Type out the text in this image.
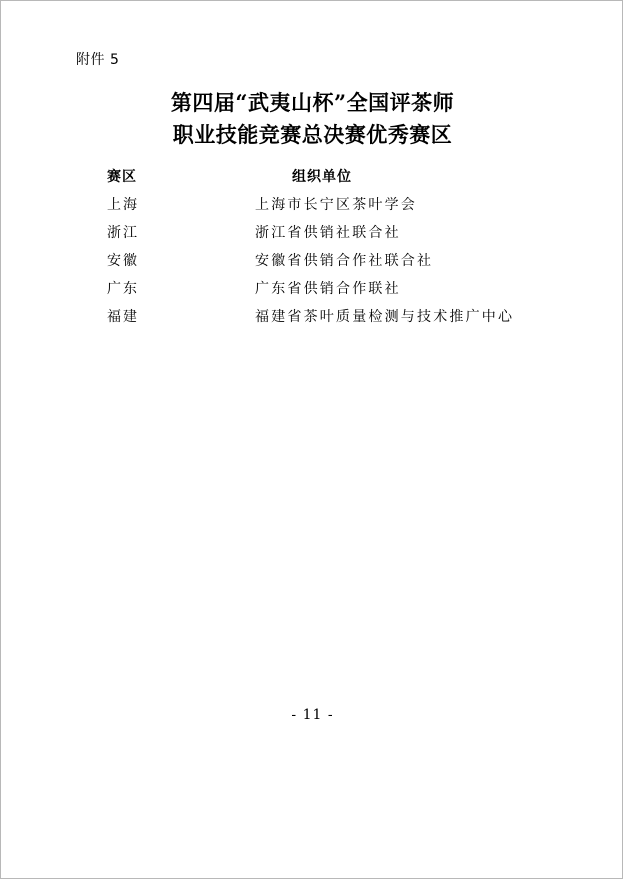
附件 5
第四届“武夷山杯”全国评茶师
职业技能竞赛总决赛优秀赛区
赛区	组织单位
上海	上海市长宁区茶叶学会
浙江	浙江省供销社联合社
安徽	安徽省供销合作社联合社
广东	广东省供销合作联社
福建	福建省茶叶质量检测与技术推广中心
- 11 -
